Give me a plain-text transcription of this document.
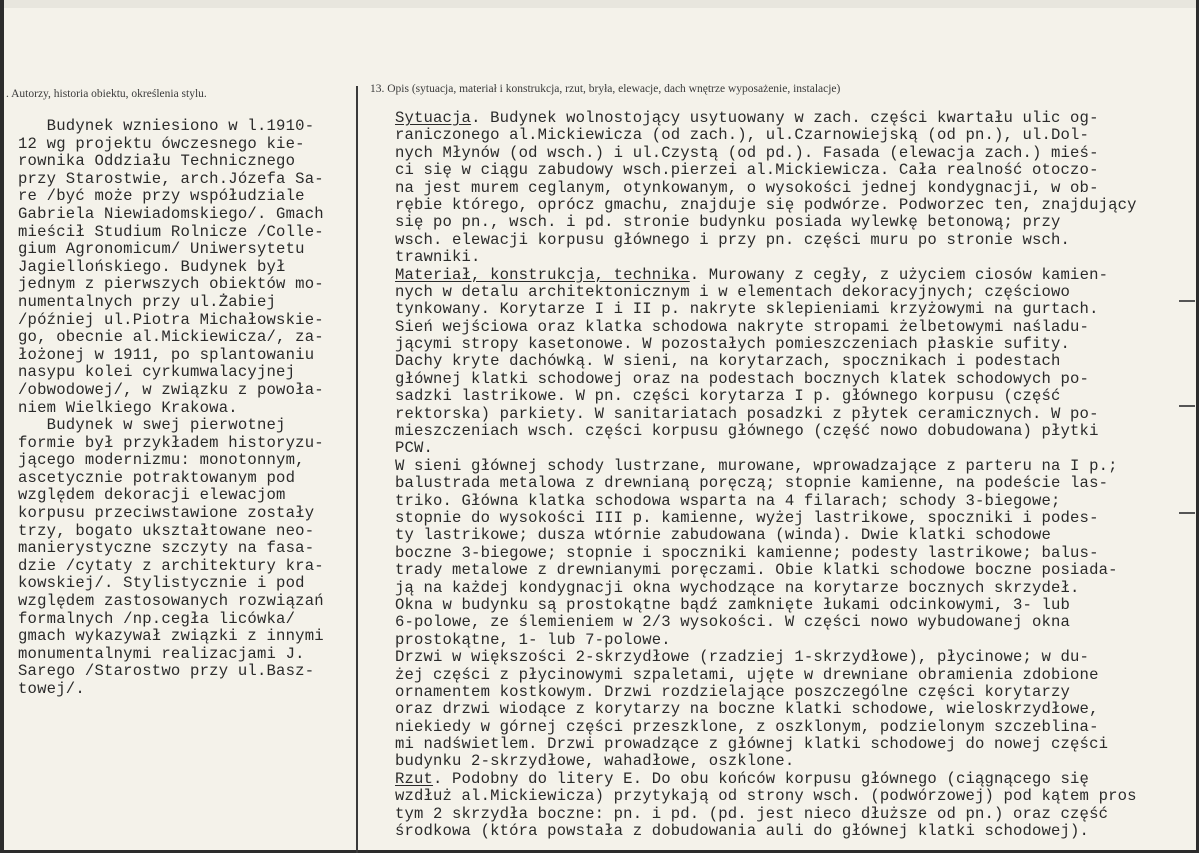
. Autorzy, historia obiektu, określenia stylu.	13. Opis (sytuacja, materiał i konstrukcja, rzut, bryła, elewacje, dach wnętrze wyposażenie, instalacje)
Budynek wzniesiono w l.1910-
12 wg projektu ówczesnego kie-
rownika Oddziału Technicznego
przy Starostwie, arch.Józefa Sa-
re /być może przy współudziale
Gabriela Niewiadomskiego/. Gmach
mieścił Studium Rolnicze /Colle-
gium Agronomicum/ Uniwersytetu
Jagiellońskiego. Budynek był
jednym z pierwszych obiektów mo-
numentalnych przy ul.Żabiej
/później ul.Piotra Michałowskie-
go, obecnie al.Mickiewicza/, za-
łożonej w 1911, po splantowaniu
nasypu kolei cyrkumwalacyjnej
/obwodowej/, w związku z powoła-
niem Wielkiego Krakowa.
Budynek w swej pierwotnej
formie był przykładem historyzu-
jącego modernizmu: monotonnym,
ascetycznie potraktowanym pod
względem dekoracji elewacjom
korpusu przeciwstawione zostały
trzy, bogato ukształtowane neo-
manierystyczne szczyty na fasa-
dzie /cytaty z architektury kra-
kowskiej/. Stylistycznie i pod
względem zastosowanych rozwiązań
formalnych /np.cegła licówka/
gmach wykazywał związki z innymi
monumentalnymi realizacjami J.
Sarego /Starostwo przy ul.Basz-
towej/.
Sytuacja. Budynek wolnostojący usytuowany w zach. części kwartału ulic og-
raniczonego al.Mickiewicza (od zach.), ul.Czarnowiejską (od pn.), ul.Dol-
nych Młynów (od wsch.) i ul.Czystą (od pd.). Fasada (elewacja zach.) mieś-
ci się w ciągu zabudowy wsch.pierzei al.Mickiewicza. Cała realność otoczo-
na jest murem ceglanym, otynkowanym, o wysokości jednej kondygnacji, w ob-
rębie którego, oprócz gmachu, znajduje się podwórze. Podworzec ten, znajdujący
się po pn., wsch. i pd. stronie budynku posiada wylewkę betonową; przy
wsch. elewacji korpusu głównego i przy pn. części muru po stronie wsch.
trawniki.
Materiał, konstrukcja, technika. Murowany z cegły, z użyciem ciosów kamien-
nych w detalu architektonicznym i w elementach dekoracyjnych; częściowo
tynkowany. Korytarze I i II p. nakryte sklepieniami krzyżowymi na gurtach.
Sień wejściowa oraz klatka schodowa nakryte stropami żelbetowymi naśladu-
jącymi stropy kasetonowe. W pozostałych pomieszczeniach płaskie sufity.
Dachy kryte dachówką. W sieni, na korytarzach, spocznikach i podestach
głównej klatki schodowej oraz na podestach bocznych klatek schodowych po-
sadzki lastrikowe. W pn. części korytarza I p. głównego korpusu (część
rektorska) parkiety. W sanitariatach posadzki z płytek ceramicznych. W po-
mieszczeniach wsch. części korpusu głównego (część nowo dobudowana) płytki
PCW.
W sieni głównej schody lustrzane, murowane, wprowadzające z parteru na I p.;
balustrada metalowa z drewnianą poręczą; stopnie kamienne, na podeście las-
triko. Główna klatka schodowa wsparta na 4 filarach; schody 3-biegowe;
stopnie do wysokości III p. kamienne, wyżej lastrikowe, spoczniki i podes-
ty lastrikowe; dusza wtórnie zabudowana (winda). Dwie klatki schodowe
boczne 3-biegowe; stopnie i spoczniki kamienne; podesty lastrikowe; balus-
trady metalowe z drewnianymi poręczami. Obie klatki schodowe boczne posiada-
ją na każdej kondygnacji okna wychodzące na korytarze bocznych skrzydeł.
Okna w budynku są prostokątne bądź zamknięte łukami odcinkowymi, 3- lub
6-polowe, ze ślemieniem w 2/3 wysokości. W części nowo wybudowanej okna
prostokątne, 1- lub 7-polowe.
Drzwi w większości 2-skrzydłowe (rzadziej 1-skrzydłowe), płycinowe; w du-
żej części z płycinowymi szpaletami, ujęte w drewniane obramienia zdobione
ornamentem kostkowym. Drzwi rozdzielające poszczególne części korytarzy
oraz drzwi wiodące z korytarzy na boczne klatki schodowe, wieloskrzydłowe,
niekiedy w górnej części przeszklone, z oszklonym, podzielonym szczeblina-
mi nadświetlem. Drzwi prowadzące z głównej klatki schodowej do nowej części
budynku 2-skrzydłowe, wahadłowe, oszklone.
Rzut. Podobny do litery E. Do obu końców korpusu głównego (ciągnącego się
wzdłuż al.Mickiewicza) przytykają od strony wsch. (podwórzowej) pod kątem pros
tym 2 skrzydła boczne: pn. i pd. (pd. jest nieco dłuższe od pn.) oraz część
środkowa (która powstała z dobudowania auli do głównej klatki schodowej).
